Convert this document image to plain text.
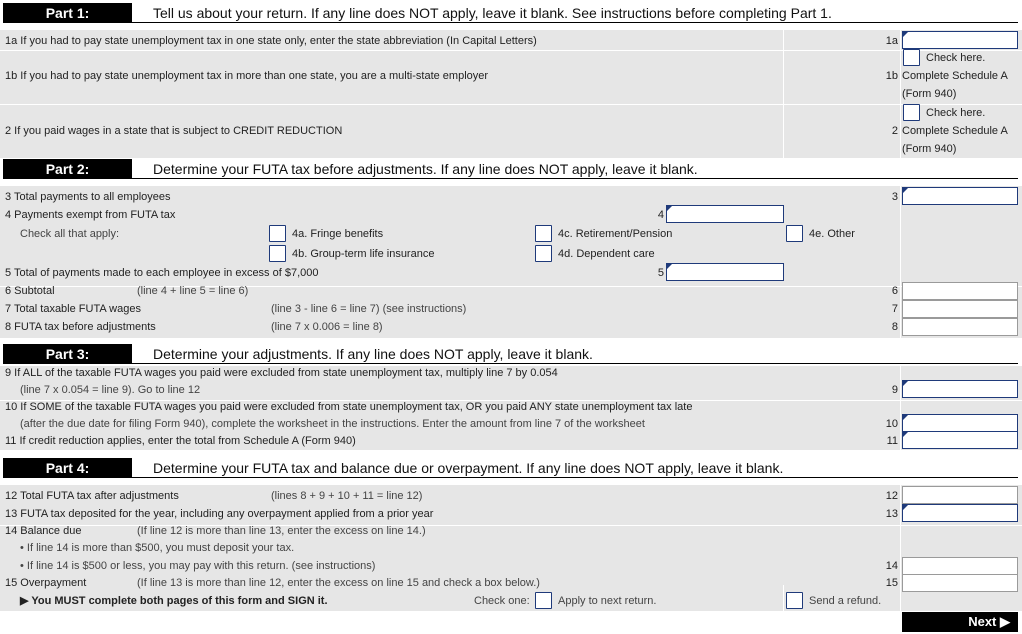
Part 1:	Tell us about your return. If any line does NOT apply, leave it blank. See instructions before completing Part 1.
1a If you had to pay state unemployment tax in one state only, enter the state abbreviation (In Capital Letters)	1a
1b If you had to pay state unemployment tax in more than one state, you are a multi-state employer
Check here.
1b Complete Schedule A
(Form 940)
2 If you paid wages in a state that is subject to CREDIT REDUCTION
Check here.
2 Complete Schedule A
(Form 940)
Part 2:	Determine your FUTA tax before adjustments. If any line does NOT apply, leave it blank.
3 Total payments to all employees	3
4 Payments exempt from FUTA tax	4
Check all that apply:	4a. Fringe benefits	4c. Retirement/Pension	4e. Other
4b. Group-term life insurance	4d. Dependent care
5 Total of payments made to each employee in excess of $7,000	5
6 Subtotal	(line 4 + line 5 = line 6)	6
7 Total taxable FUTA wages	(line 3 - line 6 = line 7) (see instructions)	7
8 FUTA tax before adjustments	(line 7 x 0.006 = line 8)	8
Part 3:	Determine your adjustments. If any line does NOT apply, leave it blank.
9 If ALL of the taxable FUTA wages you paid were excluded from state unemployment tax, multiply line 7 by 0.054
(line 7 x 0.054 = line 9). Go to line 12	9
10 If SOME of the taxable FUTA wages you paid were excluded from state unemployment tax, OR you paid ANY state unemployment tax late
(after the due date for filing Form 940), complete the worksheet in the instructions. Enter the amount from line 7 of the worksheet	10
11 If credit reduction applies, enter the total from Schedule A (Form 940)	11
Part 4:	Determine your FUTA tax and balance due or overpayment. If any line does NOT apply, leave it blank.
12 Total FUTA tax after adjustments	(lines 8 + 9 + 10 + 11 = line 12)	12
13 FUTA tax deposited for the year, including any overpayment applied from a prior year	13
14 Balance due	(If line 12 is more than line 13, enter the excess on line 14.)
• If line 14 is more than $500, you must deposit your tax.
• If line 14 is $500 or less, you may pay with this return. (see instructions)	14
15 Overpayment	(If line 13 is more than line 12, enter the excess on line 15 and check a box below.)	15
▶ You MUST complete both pages of this form and SIGN it.	Check one:	Apply to next return.	Send a refund.
Next ▶
